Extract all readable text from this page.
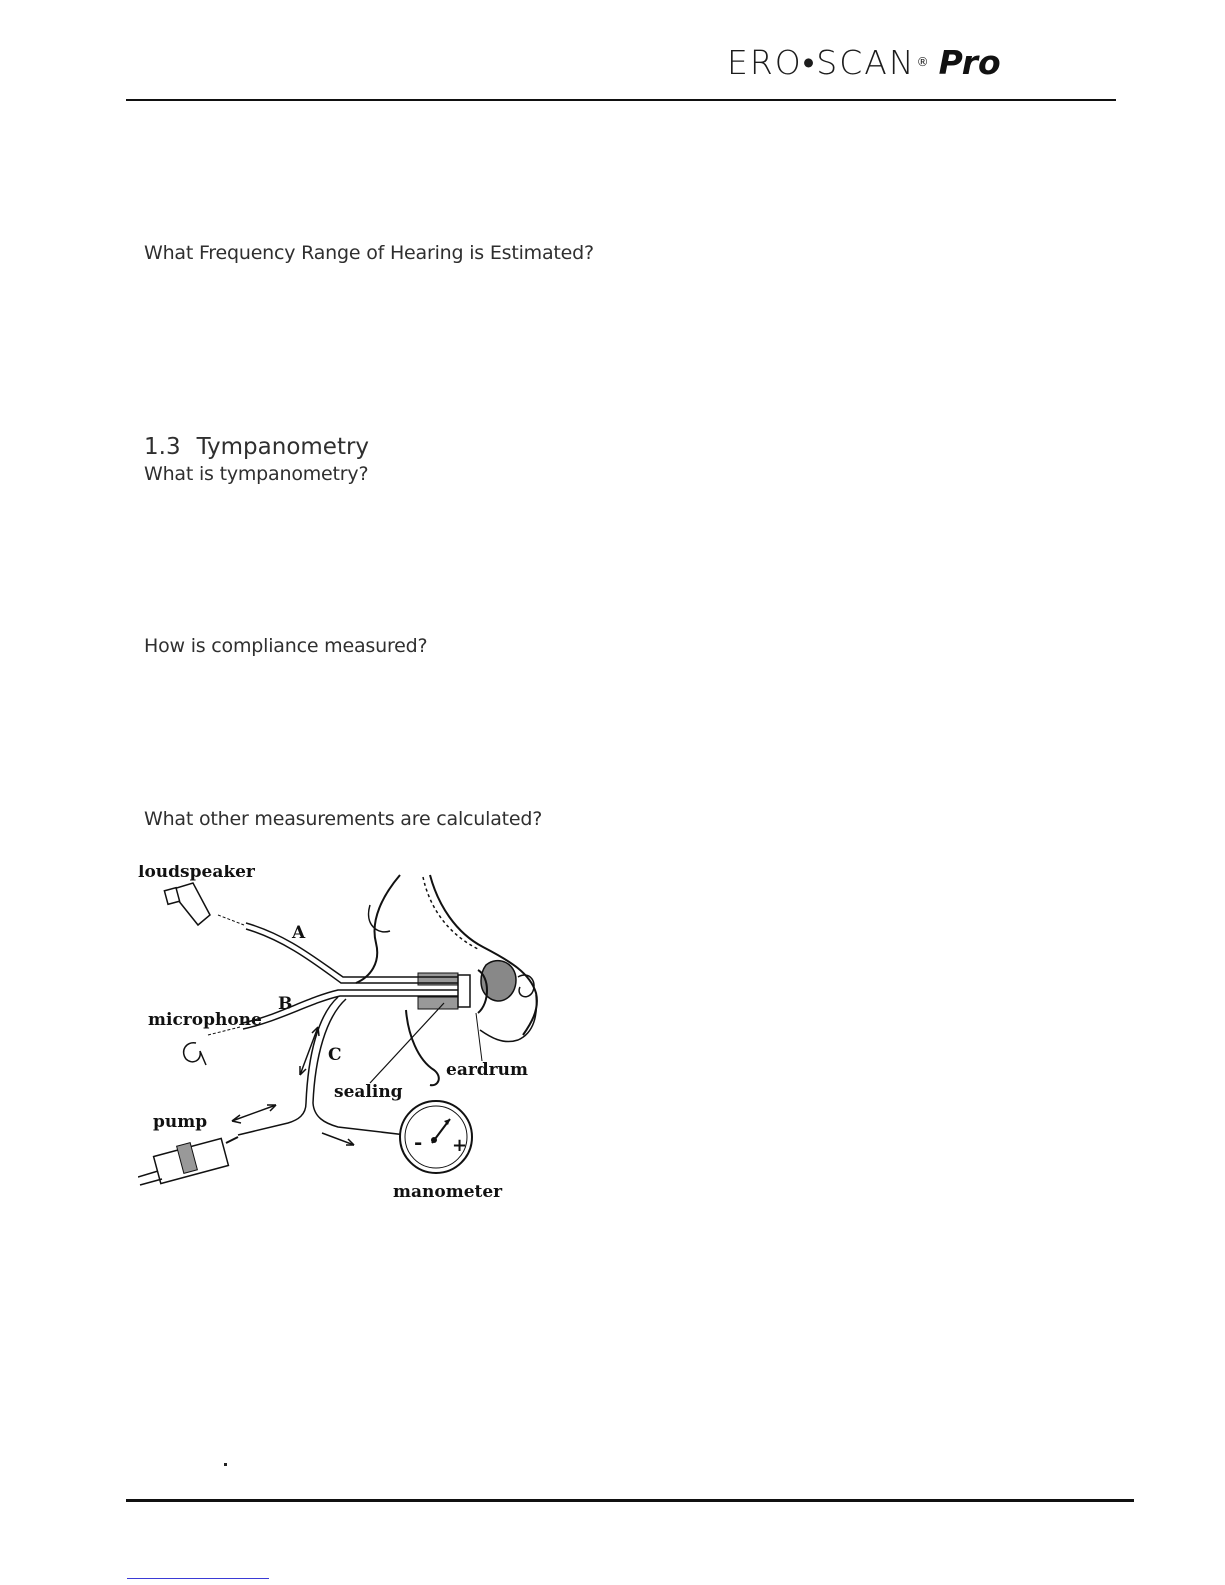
ERO•SCAN ® Pro
What Frequency Range of Hearing is Estimated?
1.3 Tympanometry
What is tympanometry?
How is compliance measured?
What other measurements are calculated?
loudspeaker
A
B
C
microphone
sealing
eardrum
pump
manometer
- +
